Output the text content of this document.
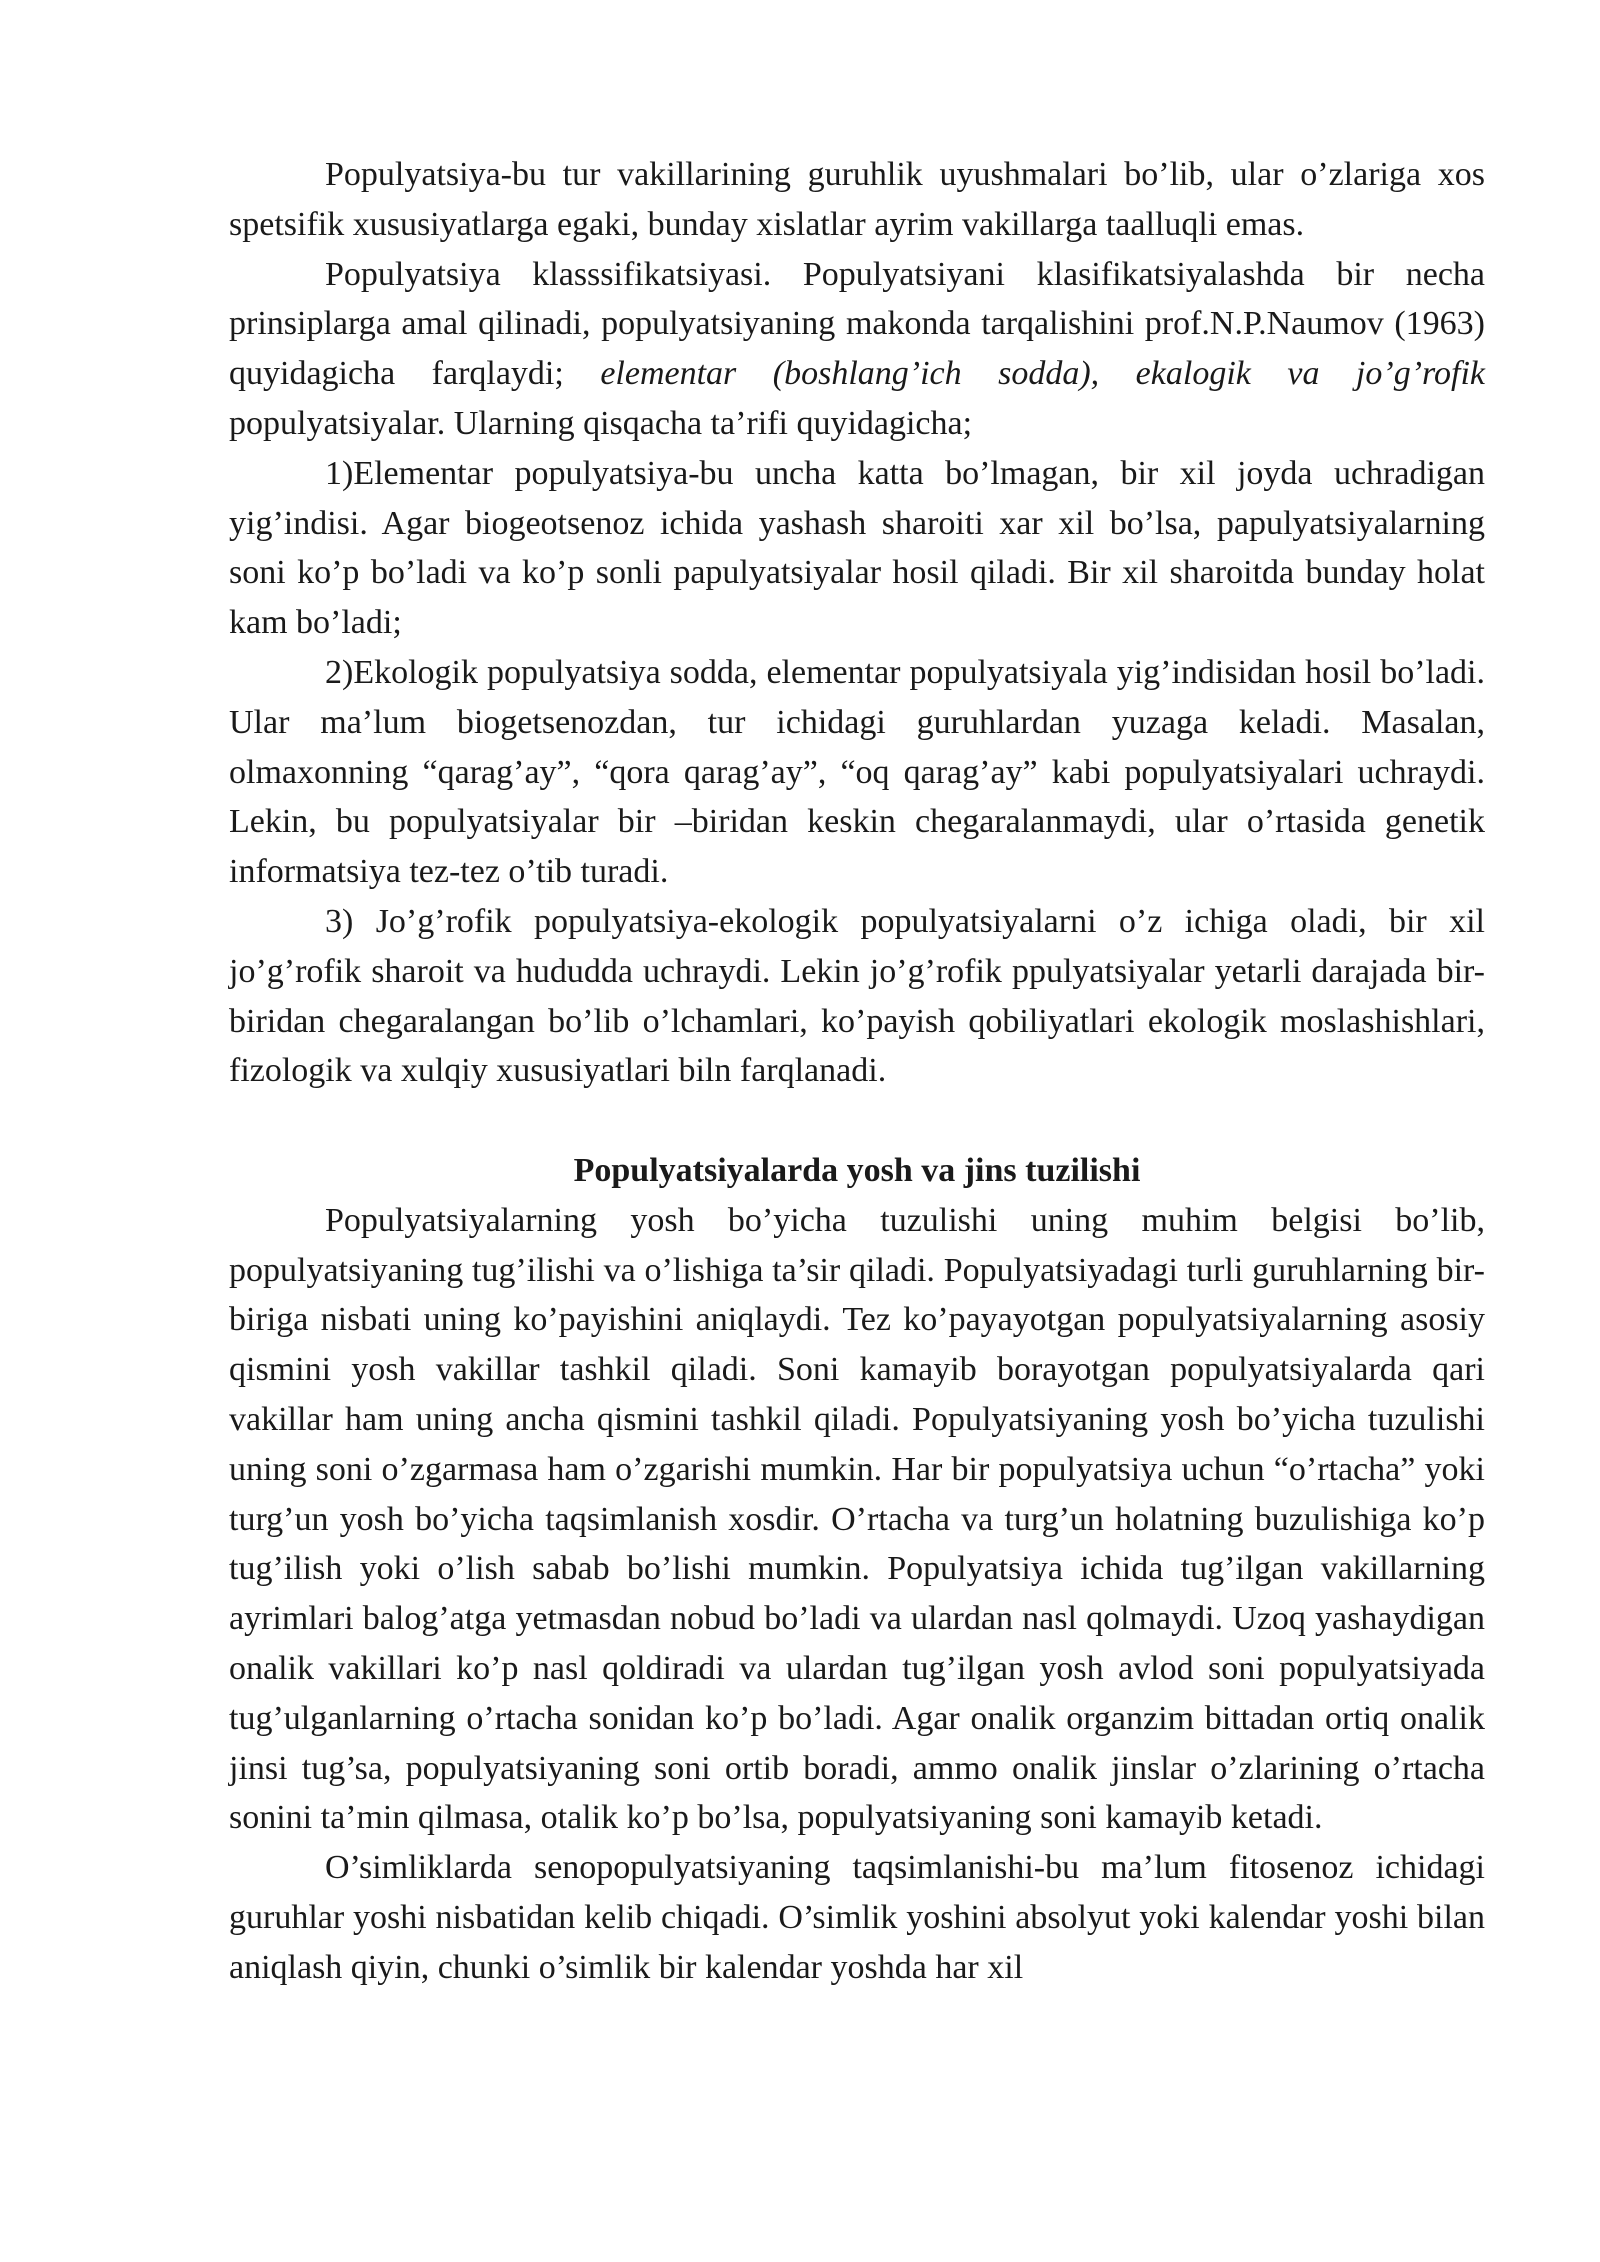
Populyatsiya-bu tur vakillarining guruhlik uyushmalari bo’lib, ular o’zlariga xos spetsifik xususiyatlarga egaki, bunday xislatlar ayrim vakillarga taalluqli emas.

Populyatsiya klasssifikatsiyasi. Populyatsiyani klasifikatsiyalashda bir necha prinsiplarga amal qilinadi, populyatsiyaning makonda tarqalishini prof.N.P.Naumov (1963) quyidagicha farqlaydi; elementar (boshlang’ich sodda), ekalogik va jo’g’rofik populyatsiyalar. Ularning qisqacha ta’rifi quyidagicha;

1)Elementar populyatsiya-bu uncha katta bo’lmagan, bir xil joyda uchradigan yig’indisi. Agar biogeotsenoz ichida yashash sharoiti xar xil bo’lsa, papulyatsiyalarning soni ko’p bo’ladi va ko’p sonli papulyatsiyalar hosil qiladi. Bir xil sharoitda bunday holat kam bo’ladi;

2)Ekologik populyatsiya sodda, elementar populyatsiyala yig’indisidan hosil bo’ladi. Ular ma’lum biogetsenozdan, tur ichidagi guruhlardan yuzaga keladi. Masalan, olmaxonning “qarag’ay”, “qora qarag’ay”, “oq qarag’ay” kabi populyatsiyalari uchraydi. Lekin, bu populyatsiyalar bir –biridan keskin chegaralanmaydi, ular o’rtasida genetik informatsiya tez-tez o’tib turadi.

3) Jo’g’rofik populyatsiya-ekologik populyatsiyalarni o’z ichiga oladi, bir xil jo’g’rofik sharoit va hududda uchraydi. Lekin jo’g’rofik ppulyatsiyalar yetarli darajada bir-biridan chegaralangan bo’lib o’lchamlari, ko’payish qobiliyatlari ekologik moslashishlari, fizologik va xulqiy xususiyatlari biln farqlanadi.

Populyatsiyalarda yosh va jins tuzilishi

Populyatsiyalarning yosh bo’yicha tuzulishi uning muhim belgisi bo’lib, populyatsiyaning tug’ilishi va o’lishiga ta’sir qiladi. Populyatsiyadagi turli guruhlarning bir-biriga nisbati uning ko’payishini aniqlaydi. Tez ko’payayotgan populyatsiyalarning asosiy qismini yosh vakillar tashkil qiladi. Soni kamayib borayotgan populyatsiyalarda qari vakillar ham uning ancha qismini tashkil qiladi. Populyatsiyaning yosh bo’yicha tuzulishi uning soni o’zgarmasa ham o’zgarishi mumkin. Har bir populyatsiya uchun “o’rtacha” yoki turg’un yosh bo’yicha taqsimlanish xosdir. O’rtacha va turg’un holatning buzulishiga ko’p tug’ilish yoki o’lish sabab bo’lishi mumkin. Populyatsiya ichida tug’ilgan vakillarning ayrimlari balog’atga yetmasdan nobud bo’ladi va ulardan nasl qolmaydi. Uzoq yashaydigan onalik vakillari ko’p nasl qoldiradi va ulardan tug’ilgan yosh avlod soni populyatsiyada tug’ulganlarning o’rtacha sonidan ko’p bo’ladi. Agar onalik organzim bittadan ortiq onalik jinsi tug’sa, populyatsiyaning soni ortib boradi, ammo onalik jinslar o’zlarining o’rtacha sonini ta’min qilmasa, otalik ko’p bo’lsa, populyatsiyaning soni kamayib ketadi.

O’simliklarda senopopulyatsiyaning taqsimlanishi-bu ma’lum fitosenoz ichidagi guruhlar yoshi nisbatidan kelib chiqadi. O’simlik yoshini absolyut yoki kalendar yoshi bilan aniqlash qiyin, chunki o’simlik bir kalendar yoshda har xil
